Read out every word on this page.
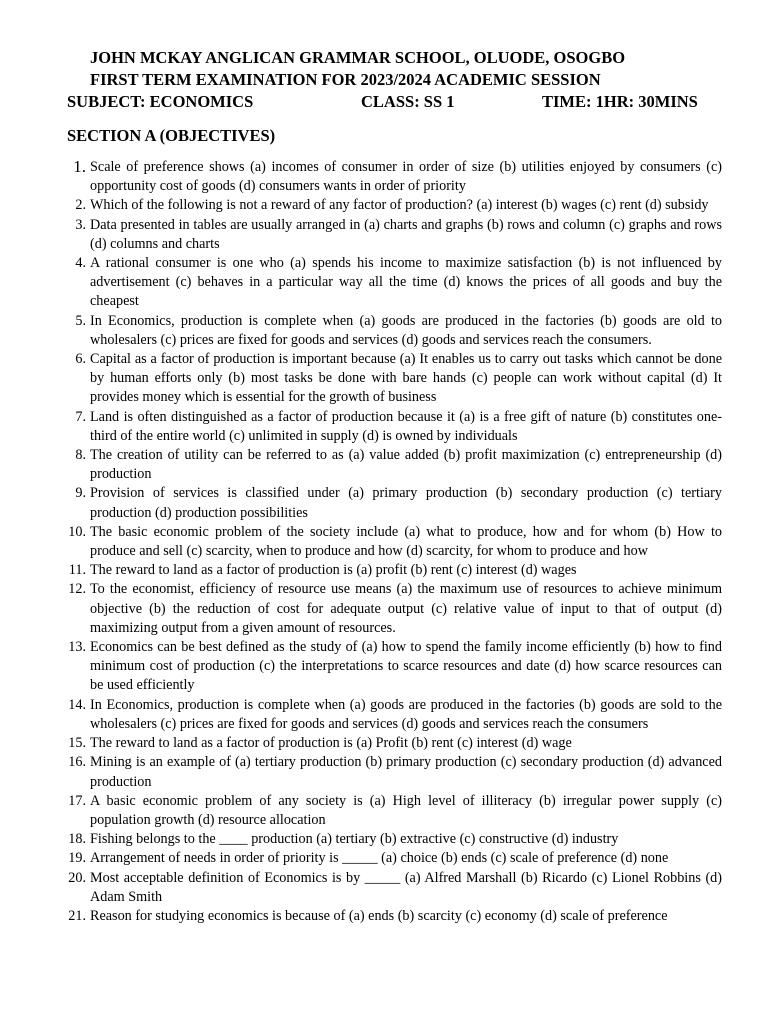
JOHN MCKAY ANGLICAN GRAMMAR SCHOOL, OLUODE, OSOGBO
FIRST TERM EXAMINATION FOR 2023/2024 ACADEMIC SESSION
SUBJECT: ECONOMICS	CLASS: SS 1	TIME: 1HR: 30MINS
SECTION A (OBJECTIVES)
1. Scale of preference shows (a) incomes of consumer in order of size (b) utilities enjoyed by consumers (c) opportunity cost of goods (d) consumers wants in order of priority
2. Which of the following is not a reward of any factor of production? (a) interest (b) wages (c) rent (d) subsidy
3. Data presented in tables are usually arranged in (a) charts and graphs (b) rows and column (c) graphs and rows (d) columns and charts
4. A rational consumer is one who (a) spends his income to maximize satisfaction (b) is not influenced by advertisement (c) behaves in a particular way all the time (d) knows the prices of all goods and buy the cheapest
5. In Economics, production is complete when (a) goods are produced in the factories (b) goods are old to wholesalers (c) prices are fixed for goods and services (d) goods and services reach the consumers.
6. Capital as a factor of production is important because (a) It enables us to carry out tasks which cannot be done by human efforts only (b) most tasks be done with bare hands (c) people can work without capital (d) It provides money which is essential for the growth of business
7. Land is often distinguished as a factor of production because it (a) is a free gift of nature (b) constitutes one-third of the entire world (c) unlimited in supply (d) is owned by individuals
8. The creation of utility can be referred to as (a) value added (b) profit maximization (c) entrepreneurship (d) production
9. Provision of services is classified under (a) primary production (b) secondary production (c) tertiary production (d) production possibilities
10. The basic economic problem of the society include (a) what to produce, how and for whom (b) How to produce and sell (c) scarcity, when to produce and how (d) scarcity, for whom to produce and how
11. The reward to land as a factor of production is (a) profit (b) rent (c) interest (d) wages
12. To the economist, efficiency of resource use means (a) the maximum use of resources to achieve minimum objective (b) the reduction of cost for adequate output (c) relative value of input to that of output (d) maximizing output from a given amount of resources.
13. Economics can be best defined as the study of (a) how to spend the family income efficiently (b) how to find minimum cost of production (c) the interpretations to scarce resources and date (d) how scarce resources can be used efficiently
14. In Economics, production is complete when (a) goods are produced in the factories (b) goods are sold to the wholesalers (c) prices are fixed for goods and services (d) goods and services reach the consumers
15. The reward to land as a factor of production is (a) Profit (b) rent (c) interest (d) wage
16. Mining is an example of (a) tertiary production (b) primary production (c) secondary production (d) advanced production
17. A basic economic problem of any society is (a) High level of illiteracy (b) irregular power supply (c) population growth (d) resource allocation
18. Fishing belongs to the ____ production (a) tertiary (b) extractive (c) constructive (d) industry
19. Arrangement of needs in order of priority is _____ (a) choice (b) ends (c) scale of preference (d) none
20. Most acceptable definition of Economics is by _____ (a) Alfred Marshall (b) Ricardo (c) Lionel Robbins (d) Adam Smith
21. Reason for studying economics is because of (a) ends (b) scarcity (c) economy (d) scale of preference
